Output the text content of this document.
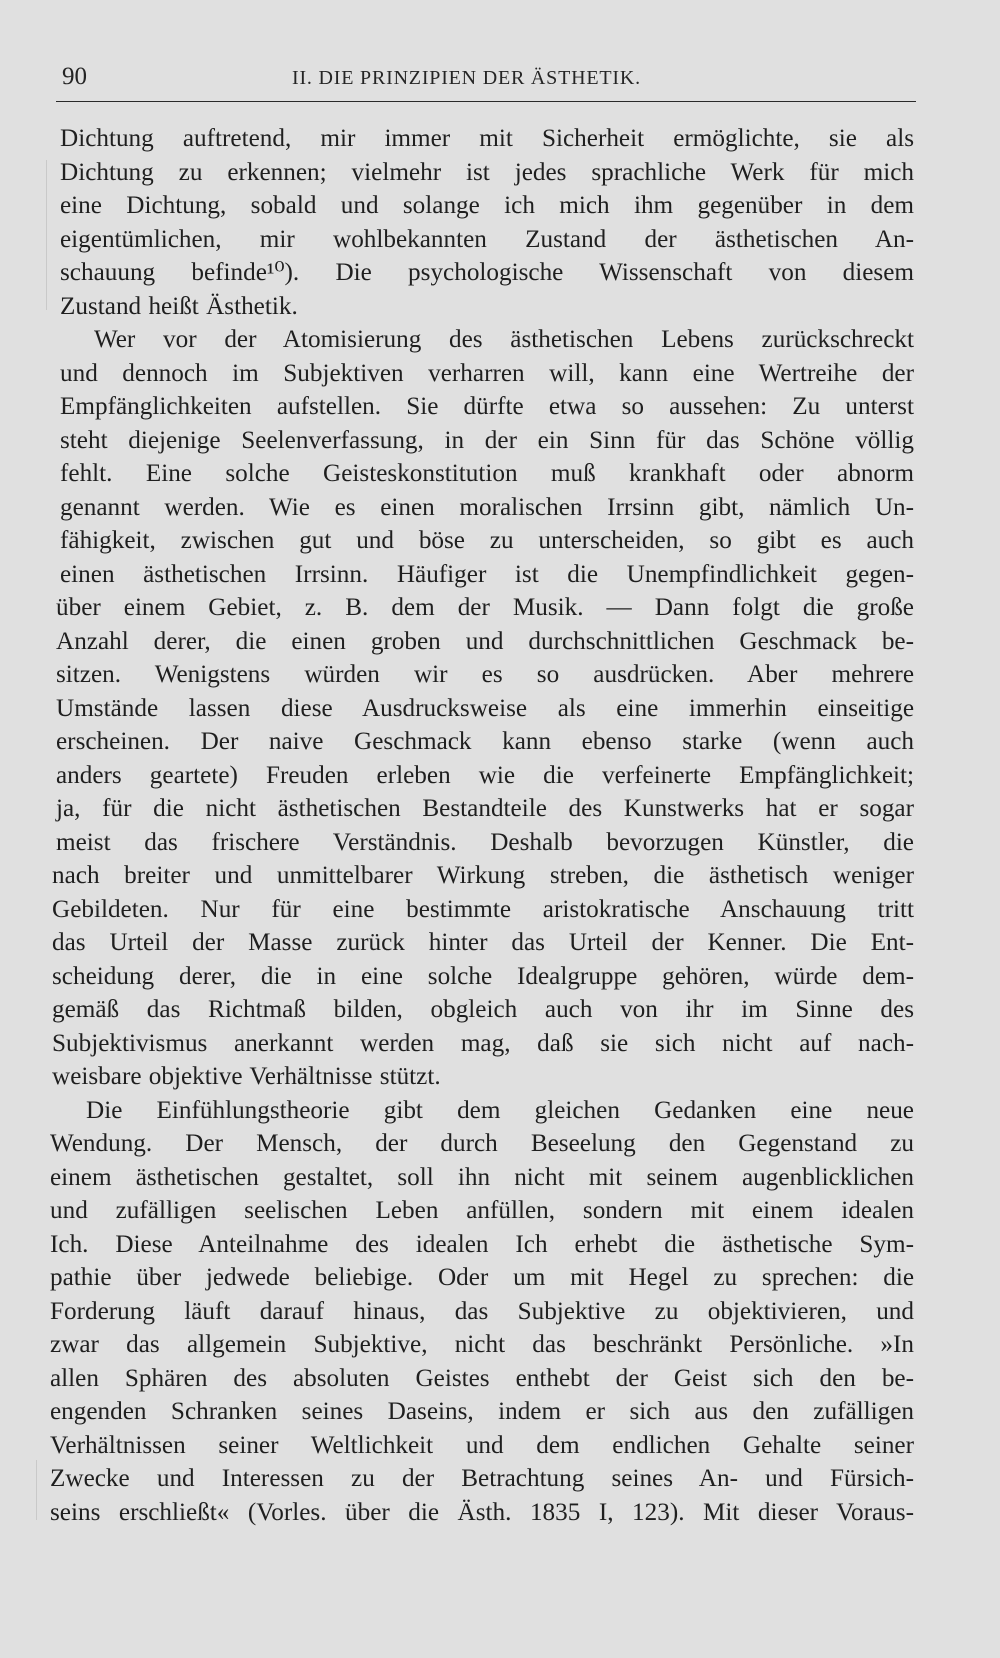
90	II. DIE PRINZIPIEN DER ÄSTHETIK.
Dichtung auftretend, mir immer mit Sicherheit ermöglichte, sie als
Dichtung zu erkennen; vielmehr ist jedes sprachliche Werk für mich
eine Dichtung, sobald und solange ich mich ihm gegenüber in dem
eigentümlichen, mir wohlbekannten Zustand der ästhetischen An-
schauung befinde¹⁰). Die psychologische Wissenschaft von diesem
Zustand heißt Ästhetik.
Wer vor der Atomisierung des ästhetischen Lebens zurückschreckt
und dennoch im Subjektiven verharren will, kann eine Wertreihe der
Empfänglichkeiten aufstellen. Sie dürfte etwa so aussehen: Zu unterst
steht diejenige Seelenverfassung, in der ein Sinn für das Schöne völlig
fehlt. Eine solche Geisteskonstitution muß krankhaft oder abnorm
genannt werden. Wie es einen moralischen Irrsinn gibt, nämlich Un-
fähigkeit, zwischen gut und böse zu unterscheiden, so gibt es auch
einen ästhetischen Irrsinn. Häufiger ist die Unempfindlichkeit gegen-
über einem Gebiet, z. B. dem der Musik. — Dann folgt die große
Anzahl derer, die einen groben und durchschnittlichen Geschmack be-
sitzen. Wenigstens würden wir es so ausdrücken. Aber mehrere
Umstände lassen diese Ausdrucksweise als eine immerhin einseitige
erscheinen. Der naive Geschmack kann ebenso starke (wenn auch
anders geartete) Freuden erleben wie die verfeinerte Empfänglichkeit;
ja, für die nicht ästhetischen Bestandteile des Kunstwerks hat er sogar
meist das frischere Verständnis. Deshalb bevorzugen Künstler, die
nach breiter und unmittelbarer Wirkung streben, die ästhetisch weniger
Gebildeten. Nur für eine bestimmte aristokratische Anschauung tritt
das Urteil der Masse zurück hinter das Urteil der Kenner. Die Ent-
scheidung derer, die in eine solche Idealgruppe gehören, würde dem-
gemäß das Richtmaß bilden, obgleich auch von ihr im Sinne des
Subjektivismus anerkannt werden mag, daß sie sich nicht auf nach-
weisbare objektive Verhältnisse stützt.
Die Einfühlungstheorie gibt dem gleichen Gedanken eine neue
Wendung. Der Mensch, der durch Beseelung den Gegenstand zu
einem ästhetischen gestaltet, soll ihn nicht mit seinem augenblicklichen
und zufälligen seelischen Leben anfüllen, sondern mit einem idealen
Ich. Diese Anteilnahme des idealen Ich erhebt die ästhetische Sym-
pathie über jedwede beliebige. Oder um mit Hegel zu sprechen: die
Forderung läuft darauf hinaus, das Subjektive zu objektivieren, und
zwar das allgemein Subjektive, nicht das beschränkt Persönliche. »In
allen Sphären des absoluten Geistes enthebt der Geist sich den be-
engenden Schranken seines Daseins, indem er sich aus den zufälligen
Verhältnissen seiner Weltlichkeit und dem endlichen Gehalte seiner
Zwecke und Interessen zu der Betrachtung seines An- und Fürsich-
seins erschließt« (Vorles. über die Ästh. 1835 I, 123). Mit dieser Voraus-
